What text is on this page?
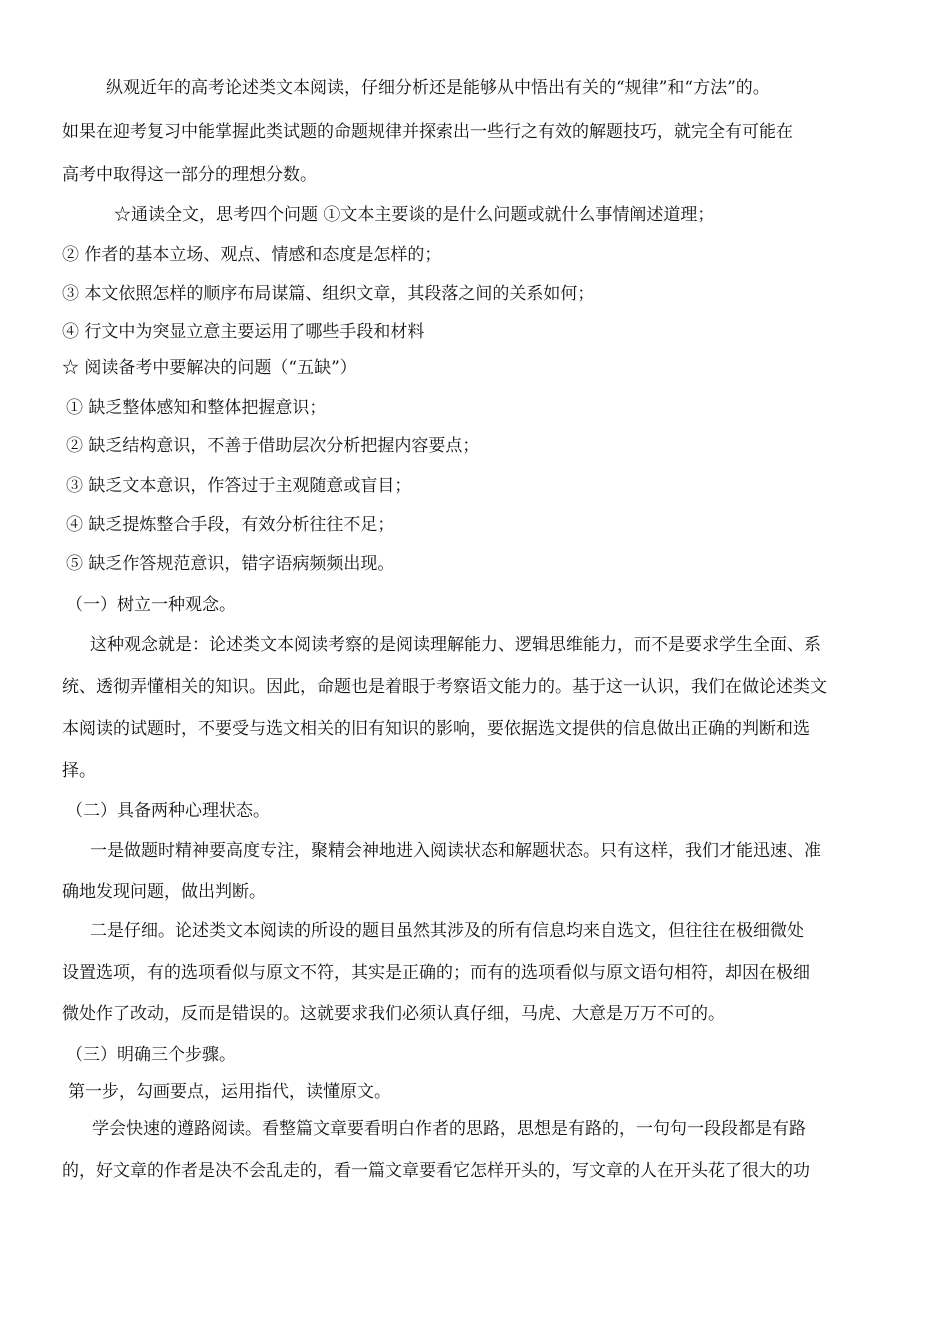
纵观近年的高考论述类文本阅读，仔细分析还是能够从中悟出有关的“规律”和“方法”的。
如果在迎考复习中能掌握此类试题的命题规律并探索出一些行之有效的解题技巧，就完全有可能在
高考中取得这一部分的理想分数。
☆通读全文，思考四个问题 ①文本主要谈的是什么问题或就什么事情阐述道理；
② 作者的基本立场、观点、情感和态度是怎样的；
③ 本文依照怎样的顺序布局谋篇、组织文章，其段落之间的关系如何；
④ 行文中为突显立意主要运用了哪些手段和材料
☆ 阅读备考中要解决的问题（“五缺”）
① 缺乏整体感知和整体把握意识；
② 缺乏结构意识，不善于借助层次分析把握内容要点；
③ 缺乏文本意识，作答过于主观随意或盲目；
④ 缺乏提炼整合手段，有效分析往往不足；
⑤ 缺乏作答规范意识，错字语病频频出现。
（一）树立一种观念。
这种观念就是：论述类文本阅读考察的是阅读理解能力、逻辑思维能力，而不是要求学生全面、系
统、透彻弄懂相关的知识。因此，命题也是着眼于考察语文能力的。基于这一认识，我们在做论述类文
本阅读的试题时，不要受与选文相关的旧有知识的影响，要依据选文提供的信息做出正确的判断和选
择。
（二）具备两种心理状态。
一是做题时精神要高度专注，聚精会神地进入阅读状态和解题状态。只有这样，我们才能迅速、准
确地发现问题，做出判断。
二是仔细。论述类文本阅读的所设的题目虽然其涉及的所有信息均来自选文，但往往在极细微处
设置选项，有的选项看似与原文不符，其实是正确的；而有的选项看似与原文语句相符，却因在极细
微处作了改动，反而是错误的。这就要求我们必须认真仔细，马虎、大意是万万不可的。
（三）明确三个步骤。
第一步，勾画要点，运用指代，读懂原文。
学会快速的遵路阅读。看整篇文章要看明白作者的思路，思想是有路的，一句句一段段都是有路
的，好文章的作者是决不会乱走的，看一篇文章要看它怎样开头的，写文章的人在开头花了很大的功
